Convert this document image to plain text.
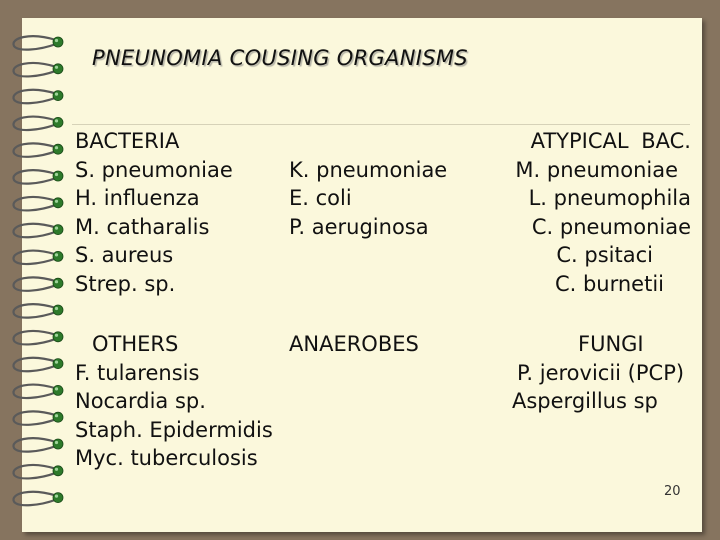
PNEUNOMIA COUSING ORGANISMS
BACTERIA
S. pneumoniae
H. influenza
M. catharalis
S. aureus
Strep. sp.
K. pneumoniae
E. coli
P. aeruginosa
ATYPICAL BAC.
M. pneumoniae
L. pneumophila
C. pneumoniae
C. psitaci
C. burnetii
OTHERS
F. tularensis
Nocardia sp.
Staph. Epidermidis
Myc. tuberculosis
ANAEROBES	FUNGI
P. jerovicii (PCP)
Aspergillus sp
20
